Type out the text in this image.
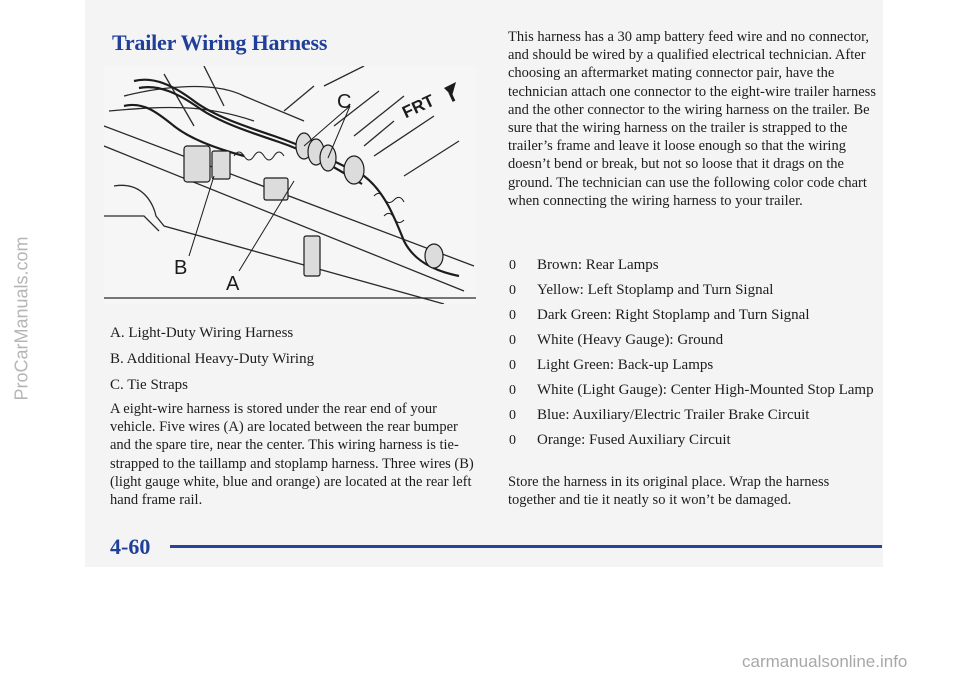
Trailer Wiring Harness
C
B
A
FRT
A. Light-Duty Wiring Harness
B. Additional Heavy-Duty Wiring
C. Tie Straps

A eight-wire harness is stored under the rear end of your vehicle. Five wires (A) are located between the rear bumper and the spare tire, near the center. This wiring harness is tie-strapped to the taillamp and stoplamp harness. Three wires (B) (light gauge white, blue and orange) are located at the rear left hand frame rail.

This harness has a 30 amp battery feed wire and no connector, and should be wired by a qualified electrical technician. After choosing an aftermarket mating connector pair, have the technician attach one connector to the eight-wire trailer harness and the other connector to the wiring harness on the trailer. Be sure that the wiring harness on the trailer is strapped to the trailer’s frame and leave it loose enough so that the wiring doesn’t bend or break, but not so loose that it drags on the ground. The technician can use the following color code chart when connecting the wiring harness to your trailer.

0 Brown: Rear Lamps
0 Yellow: Left Stoplamp and Turn Signal
0 Dark Green: Right Stoplamp and Turn Signal
0 White (Heavy Gauge): Ground
0 Light Green: Back-up Lamps
0 White (Light Gauge): Center High-Mounted Stop Lamp
0 Blue: Auxiliary/Electric Trailer Brake Circuit
0 Orange: Fused Auxiliary Circuit

Store the harness in its original place. Wrap the harness together and tie it neatly so it won’t be damaged.

4-60

ProCarManuals.com
carmanualsonline.info
